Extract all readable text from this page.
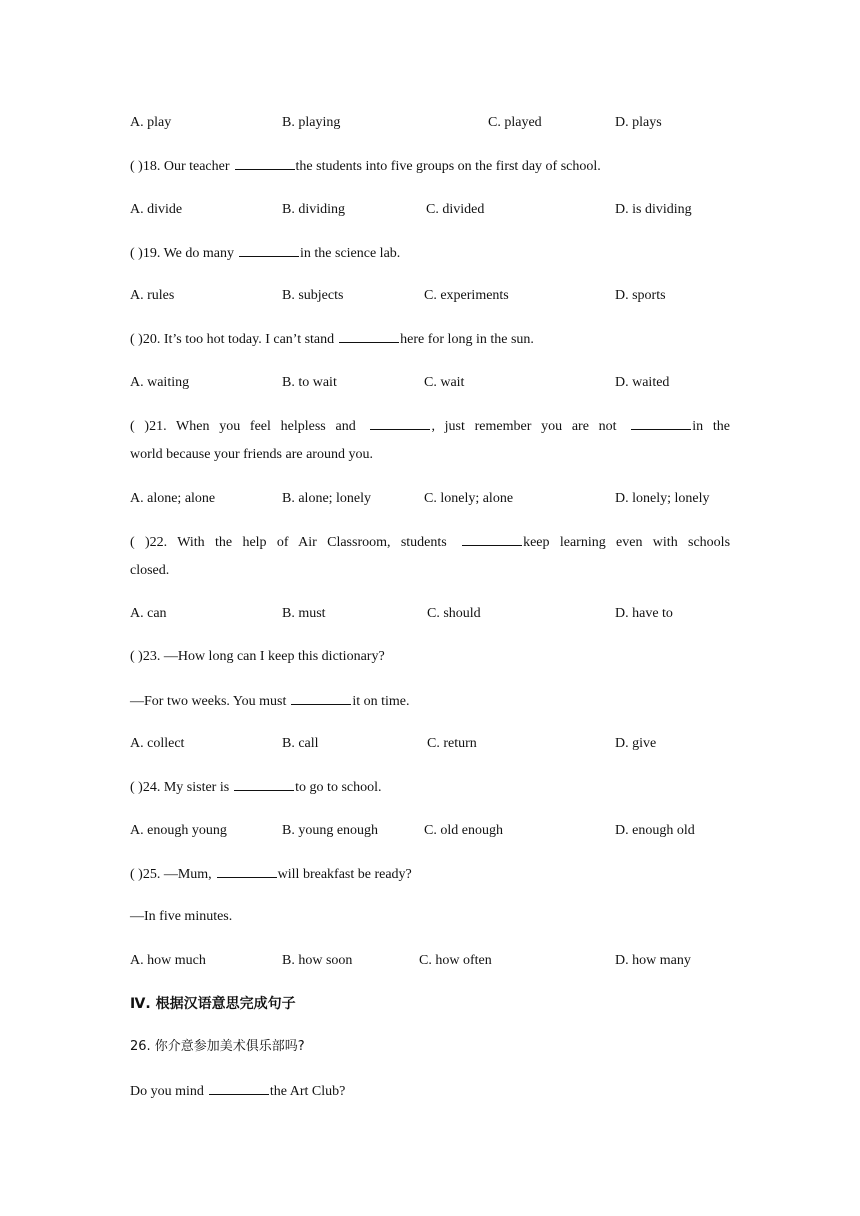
A. play	B. playing	C. played	D. plays
( )18. Our teacher	the students into five groups on the first day of school.
A. divide	B. dividing	C. divided	D. is dividing
( )19. We do many	in the science lab.
A. rules	B. subjects	C. experiments	D. sports
( )20. It’s too hot today. I can’t stand	here for long in the sun.
A. waiting	B. to wait	C. wait	D. waited
( )21. When you feel helpless and	, just remember you are not	in the
world because your friends are around you.
A. alone; alone	B. alone; lonely	C. lonely; alone	D. lonely; lonely
( )22. With the help of Air Classroom, students	keep learning even with schools
closed.
A. can	B. must	C. should	D. have to
( )23. —How long can I keep this dictionary?
—For two weeks. You must	it on time.
A. collect	B. call	C. return	D. give
( )24. My sister is	to go to school.
A. enough young	B. young enough	C. old enough	D. enough old
( )25. —Mum,	will breakfast be ready?
—In five minutes.
A. how much	B. how soon	C. how often	D. how many
Ⅳ. 根据汉语意思完成句子
26. 你介意参加美术俱乐部吗?
Do you mind	the Art Club?
